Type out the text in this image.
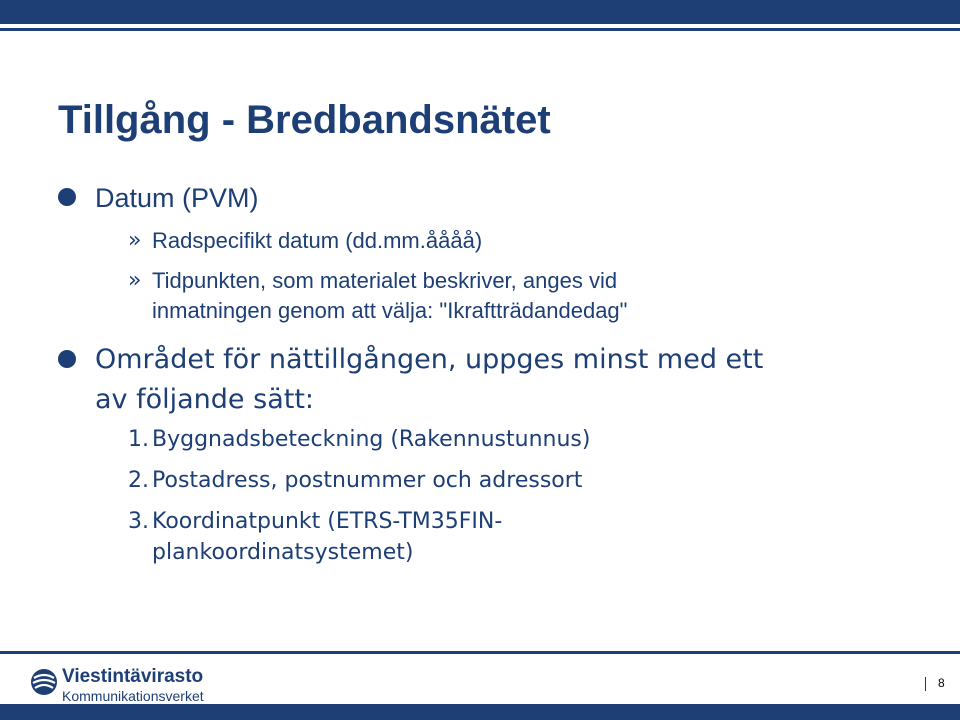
Tillgång - Bredbandsnätet
Datum (PVM)
» Radspecifikt datum (dd.mm.åååå)
» Tidpunkten, som materialet beskriver, anges vid
inmatningen genom att välja: "Ikraftträdandedag"
Området för nättillgången, uppges minst med ett
av följande sätt:
1. Byggnadsbeteckning (Rakennustunnus)
2. Postadress, postnummer och adressort
3. Koordinatpunkt (ETRS-TM35FIN-
plankoordinatsystemet)
Viestintävirasto
Kommunikationsverket
8
